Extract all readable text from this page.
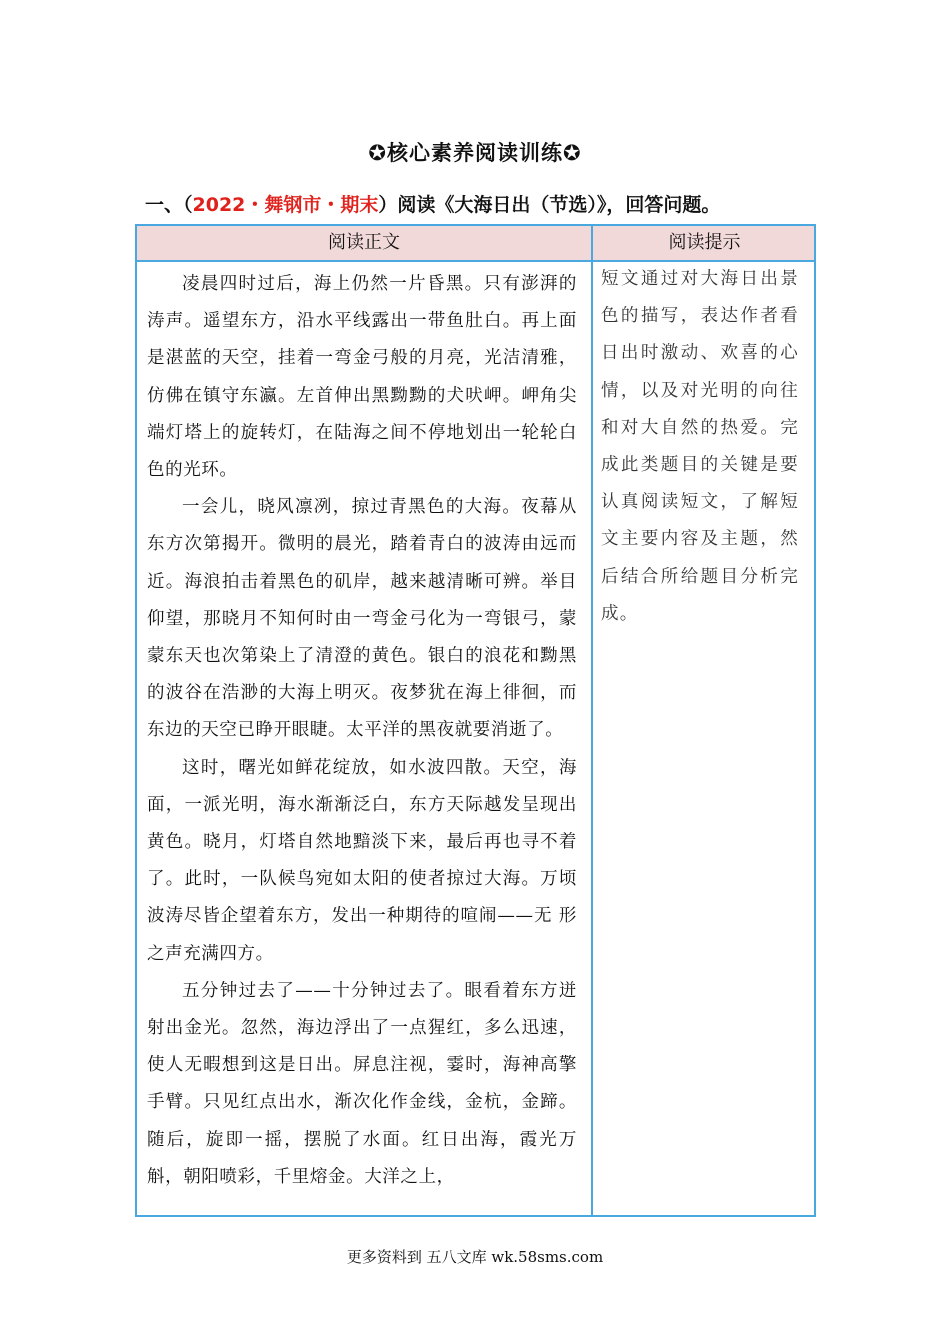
✪核心素养阅读训练✪
一、（2022・舞钢市・期末）阅读《大海日出（节选）》，回答问题。
阅读正文	阅读提示

凌晨四时过后，海上仍然一片昏黑。只有澎湃的涛声。遥望东方，沿水平线露出一带鱼肚白。再上面是湛蓝的天空，挂着一弯金弓般的月亮，光洁清雅，仿佛在镇守东瀛。左首伸出黑黝黝的犬吠岬。岬角尖端灯塔上的旋转灯，在陆海之间不停地划出一轮轮白色的光环。

一会儿，晓风凛冽，掠过青黑色的大海。夜幕从东方次第揭开。微明的晨光，踏着青白的波涛由远而近。海浪拍击着黑色的矶岸，越来越清晰可辨。举目仰望，那晓月不知何时由一弯金弓化为一弯银弓，蒙蒙东天也次第染上了清澄的黄色。银白的浪花和黝黑的波谷在浩渺的大海上明灭。夜梦犹在海上徘徊，而东边的天空已睁开眼睫。太平洋的黑夜就要消逝了。

这时，曙光如鲜花绽放，如水波四散。天空，海面，一派光明，海水渐渐泛白，东方天际越发呈现出黄色。晓月，灯塔自然地黯淡下来，最后再也寻不着了。此时，一队候鸟宛如太阳的使者掠过大海。万顷波涛尽皆企望着东方，发出一种期待的喧闹——无 形之声充满四方。

五分钟过去了——十分钟过去了。眼看着东方迸射出金光。忽然，海边浮出了一点猩红，多么迅速，使人无暇想到这是日出。屏息注视，霎时，海神高擎手臂。只见红点出水，渐次化作金线，金杭，金蹄。随后，旋即一摇，摆脱了水面。红日出海，霞光万斛，朝阳喷彩，千里熔金。大洋之上，

短文通过对大海日出景色的描写，表达作者看日出时激动、欢喜的心情，以及对光明的向往和对大自然的热爱。完成此类题目的关键是要认真阅读短文，了解短文主要内容及主题，然后结合所给题目分析完成。
更多资料到 五八文库 wk.58sms.com
